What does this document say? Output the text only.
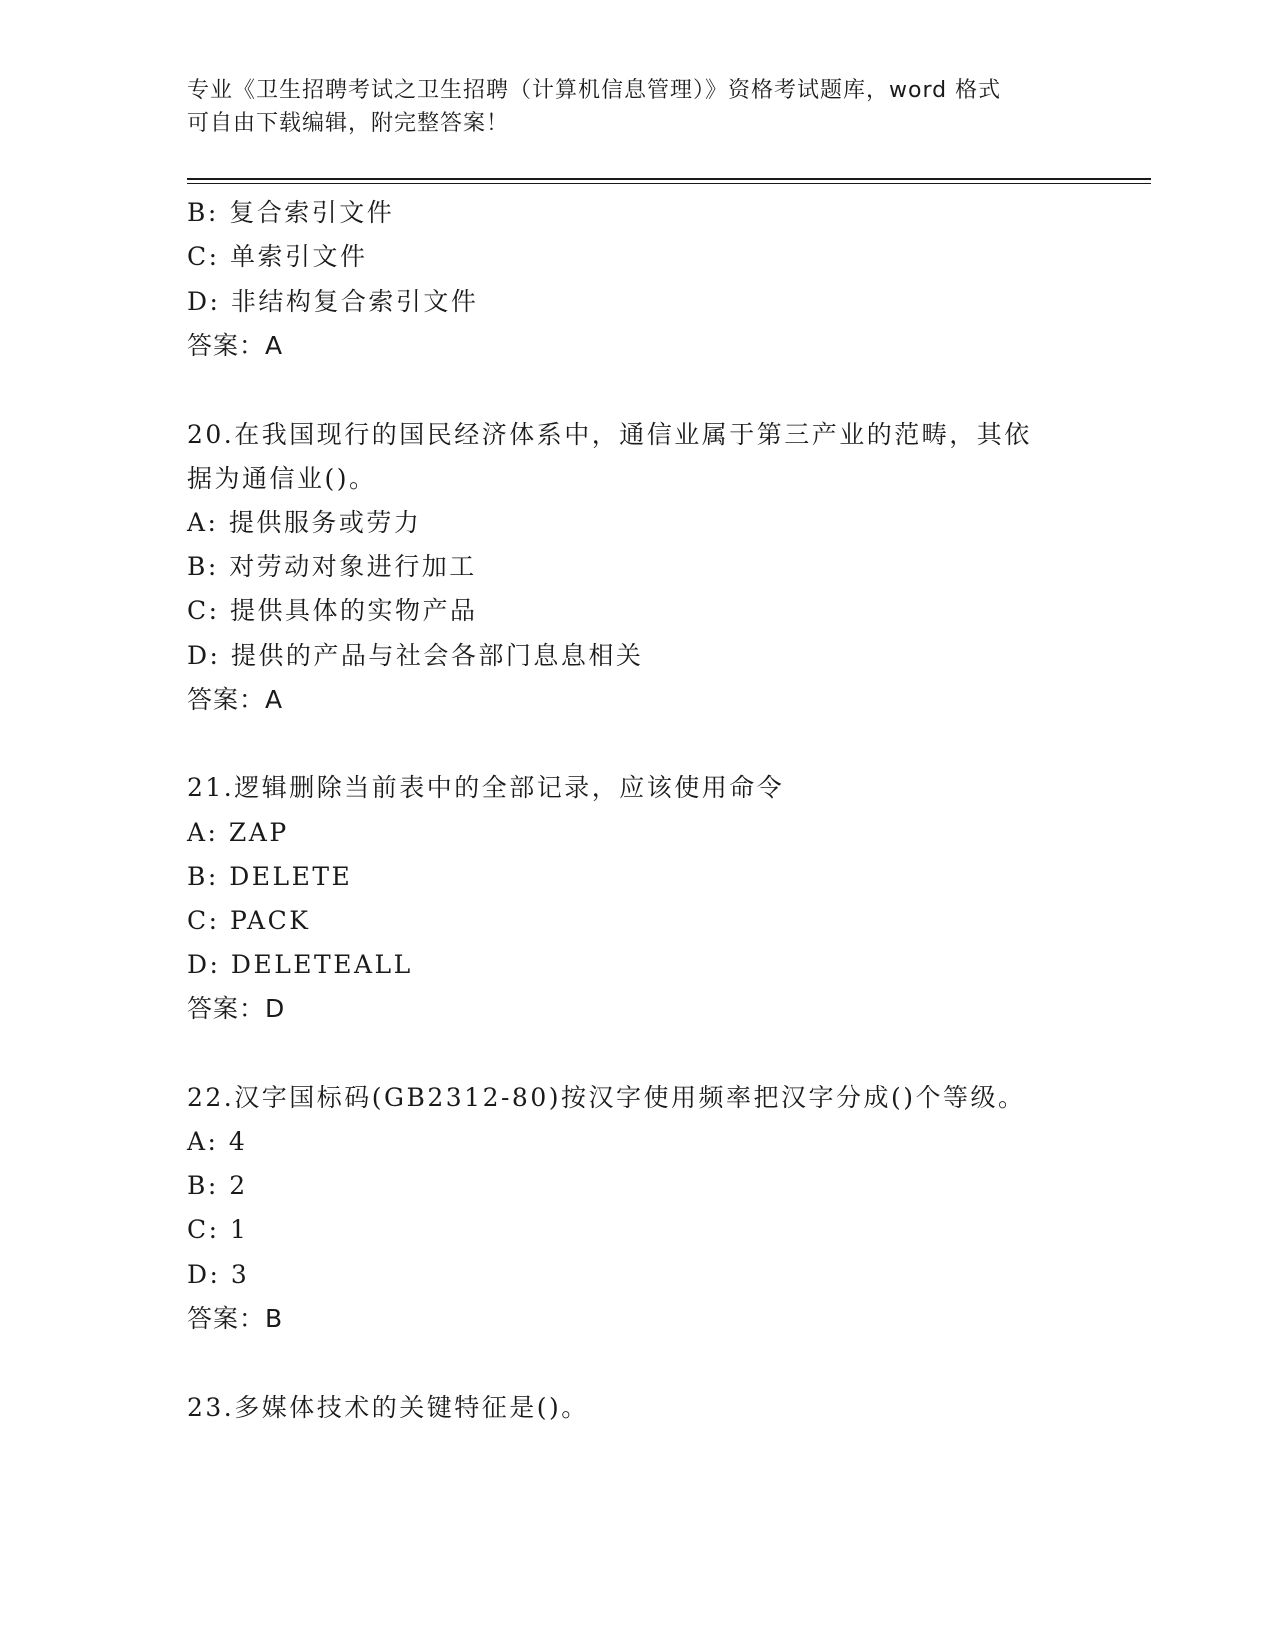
专业《卫生招聘考试之卫生招聘（计算机信息管理）》资格考试题库，word 格式
可自由下载编辑，附完整答案！
B: 复合索引文件
C: 单索引文件
D: 非结构复合索引文件
答案：A
20.在我国现行的国民经济体系中，通信业属于第三产业的范畴，其依
据为通信业()。
A: 提供服务或劳力
B: 对劳动对象进行加工
C: 提供具体的实物产品
D: 提供的产品与社会各部门息息相关
答案：A
21.逻辑删除当前表中的全部记录，应该使用命令
A: ZAP
B: DELETE
C: PACK
D: DELETEALL
答案：D
22.汉字国标码(GB2312-80)按汉字使用频率把汉字分成()个等级。
A: 4
B: 2
C: 1
D: 3
答案：B
23.多媒体技术的关键特征是()。
